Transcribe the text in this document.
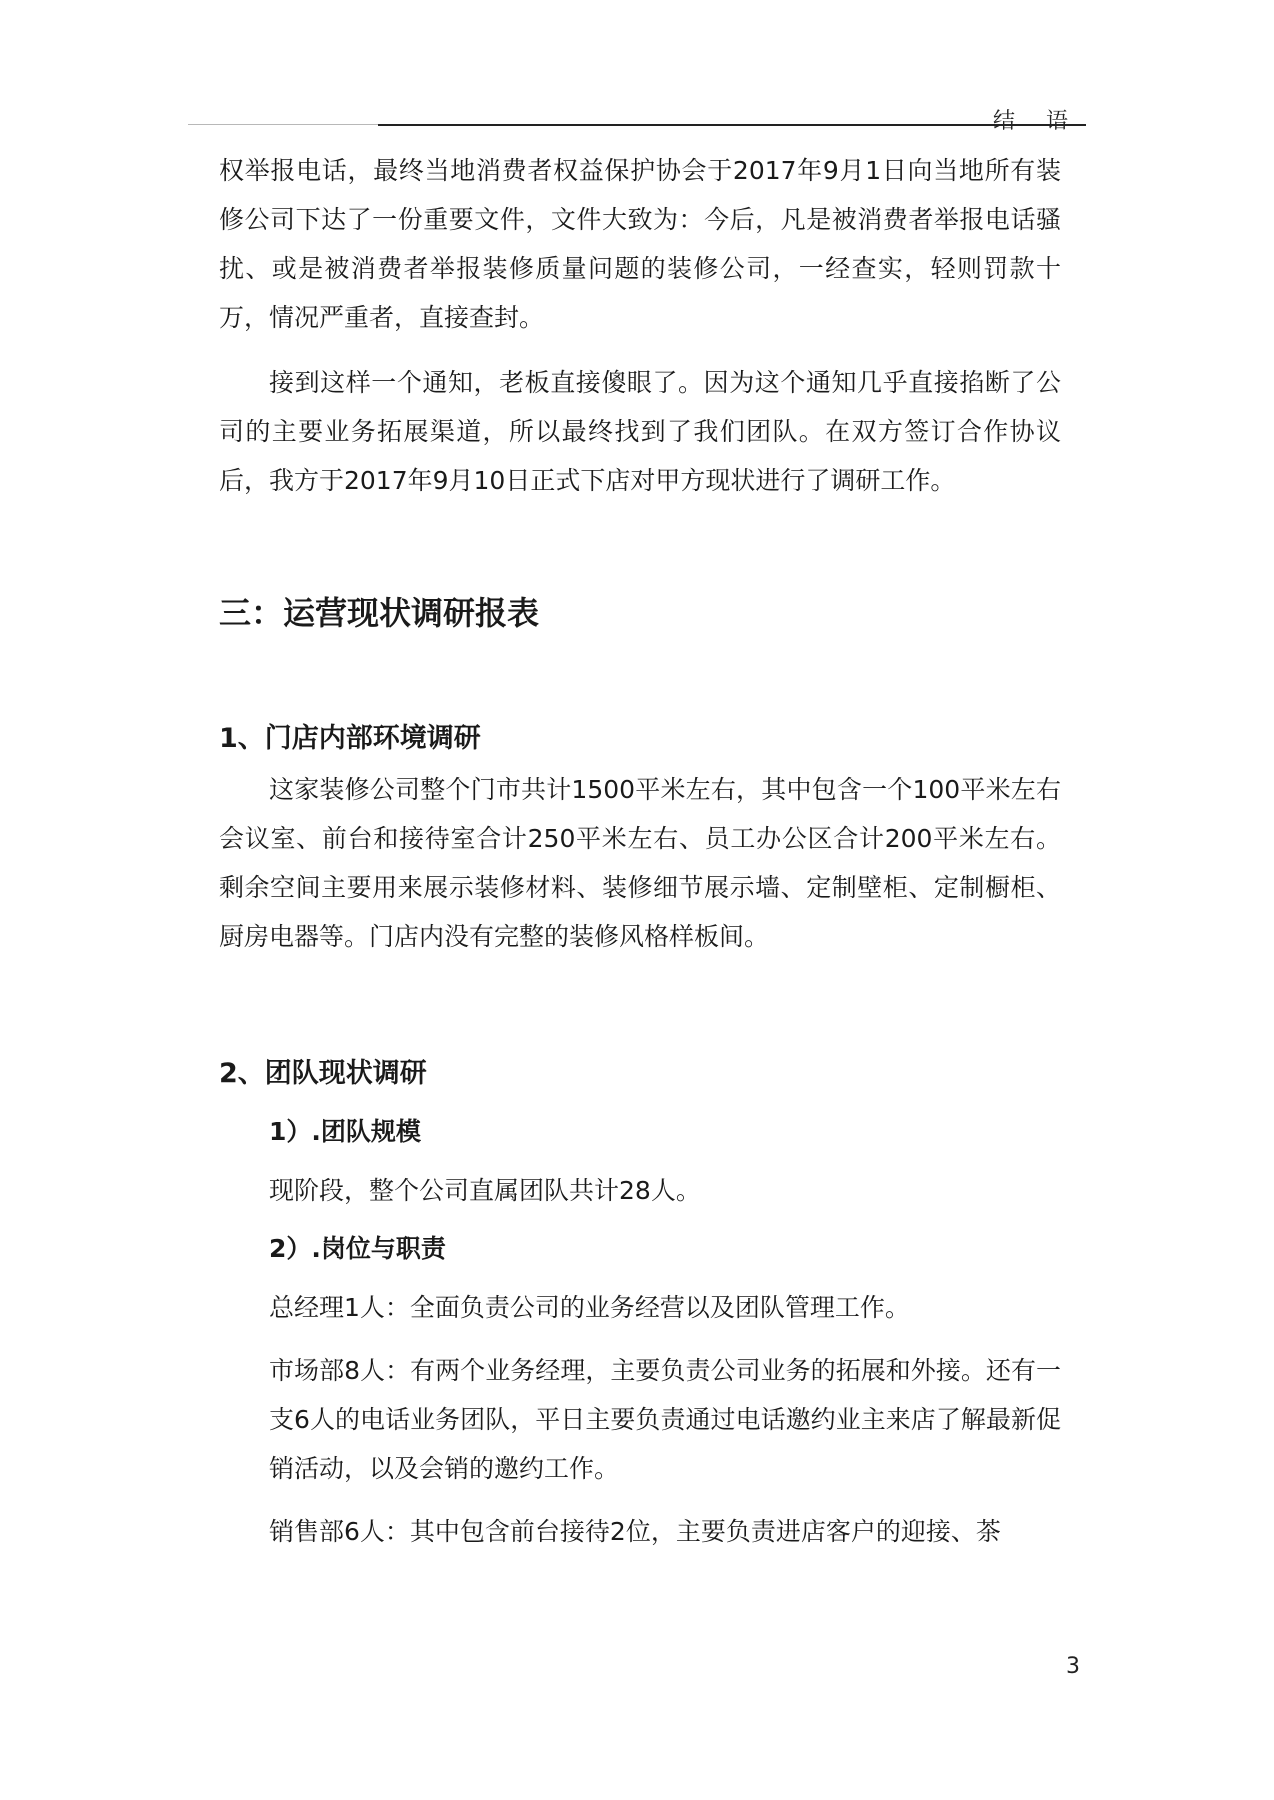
结 语

权举报电话，最终当地消费者权益保护协会于2017年9月1日向当地所有装修公司下达了一份重要文件，文件大致为：今后，凡是被消费者举报电话骚扰、或是被消费者举报装修质量问题的装修公司，一经查实，轻则罚款十万，情况严重者，直接查封。

接到这样一个通知，老板直接傻眼了。因为这个通知几乎直接掐断了公司的主要业务拓展渠道，所以最终找到了我们团队。在双方签订合作协议后，我方于2017年9月10日正式下店对甲方现状进行了调研工作。

三：运营现状调研报表
1、门店内部环境调研

这家装修公司整个门市共计1500平米左右，其中包含一个100平米左右会议室、前台和接待室合计250平米左右、员工办公区合计200平米左右。剩余空间主要用来展示装修材料、装修细节展示墙、定制壁柜、定制橱柜、厨房电器等。门店内没有完整的装修风格样板间。

2、团队现状调研
1）.团队规模

现阶段，整个公司直属团队共计28人。

2）.岗位与职责

总经理1人：全面负责公司的业务经营以及团队管理工作。

市场部8人：有两个业务经理，主要负责公司业务的拓展和外接。还有一支6人的电话业务团队，平日主要负责通过电话邀约业主来店了解最新促销活动，以及会销的邀约工作。

销售部6人：其中包含前台接待2位，主要负责进店客户的迎接、茶

3
